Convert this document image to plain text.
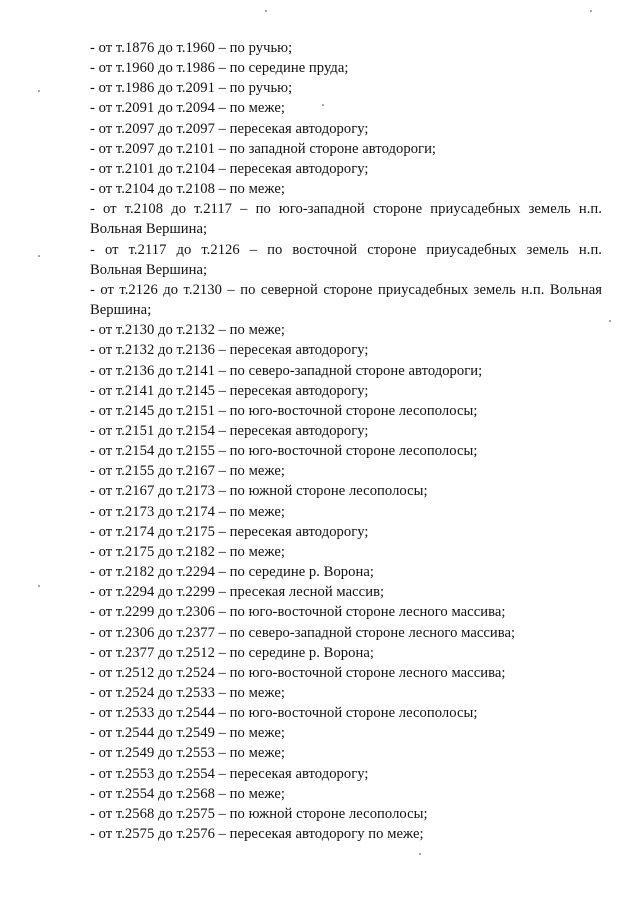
- от т.1876 до т.1960 – по ручью;
- от т.1960 до т.1986 – по середине пруда;
- от т.1986 до т.2091 – по ручью;
- от т.2091 до т.2094 – по меже;
- от т.2097 до т.2097 – пересекая автодорогу;
- от т.2097 до т.2101 – по западной стороне автодороги;
- от т.2101 до т.2104 – пересекая автодорогу;
- от т.2104 до т.2108 – по меже;
- от т.2108 до т.2117 – по юго-западной стороне приусадебных земель н.п.
Вольная Вершина;
- от т.2117 до т.2126 – по восточной стороне приусадебных земель н.п.
Вольная Вершина;
- от т.2126 до т.2130 – по северной стороне приусадебных земель н.п. Вольная
Вершина;
- от т.2130 до т.2132 – по меже;
- от т.2132 до т.2136 – пересекая автодорогу;
- от т.2136 до т.2141 – по северо-западной стороне автодороги;
- от т.2141 до т.2145 – пересекая автодорогу;
- от т.2145 до т.2151 – по юго-восточной стороне лесополосы;
- от т.2151 до т.2154 – пересекая автодорогу;
- от т.2154 до т.2155 – по юго-восточной стороне лесополосы;
- от т.2155 до т.2167 – по меже;
- от т.2167 до т.2173 – по южной стороне лесополосы;
- от т.2173 до т.2174 – по меже;
- от т.2174 до т.2175 – пересекая автодорогу;
- от т.2175 до т.2182 – по меже;
- от т.2182 до т.2294 – по середине р. Ворона;
- от т.2294 до т.2299 – пресекая лесной массив;
- от т.2299 до т.2306 – по юго-восточной стороне лесного массива;
- от т.2306 до т.2377 – по северо-западной стороне лесного массива;
- от т.2377 до т.2512 – по середине р. Ворона;
- от т.2512 до т.2524 – по юго-восточной стороне лесного массива;
- от т.2524 до т.2533 – по меже;
- от т.2533 до т.2544 – по юго-восточной стороне лесополосы;
- от т.2544 до т.2549 – по меже;
- от т.2549 до т.2553 – по меже;
- от т.2553 до т.2554 – пересекая автодорогу;
- от т.2554 до т.2568 – по меже;
- от т.2568 до т.2575 – по южной стороне лесополосы;
- от т.2575 до т.2576 – пересекая автодорогу по меже;
